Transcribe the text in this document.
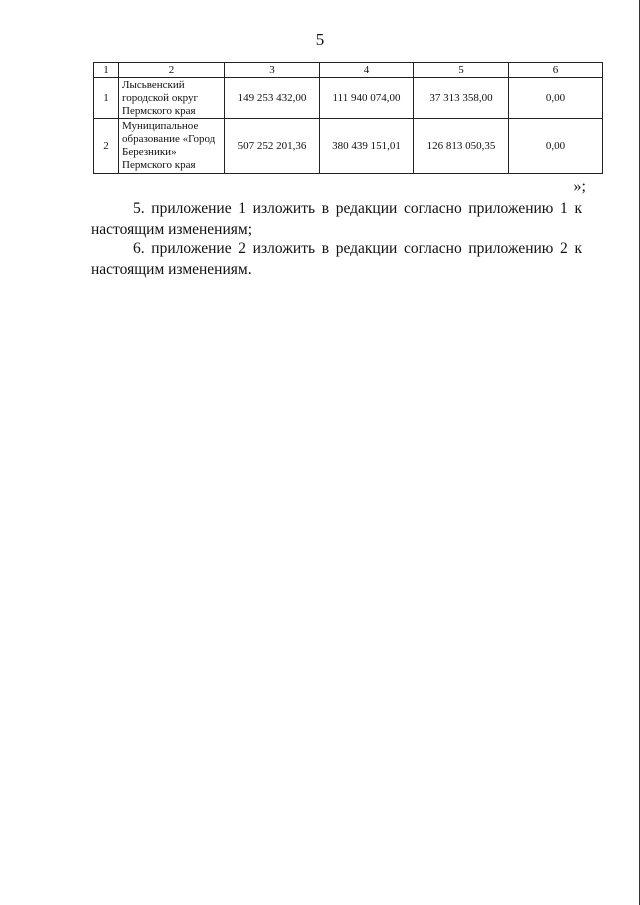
5
1	2	3	4	5	6
1	Лысьвенский городской округ Пермского края	149 253 432,00	111 940 074,00	37 313 358,00	0,00
2	Муниципальное образование «Город Березники» Пермского края	507 252 201,36	380 439 151,01	126 813 050,35	0,00
»;
5. приложение 1 изложить в редакции согласно приложению 1 к настоящим изменениям;
6. приложение 2 изложить в редакции согласно приложению 2 к настоящим изменениям.
